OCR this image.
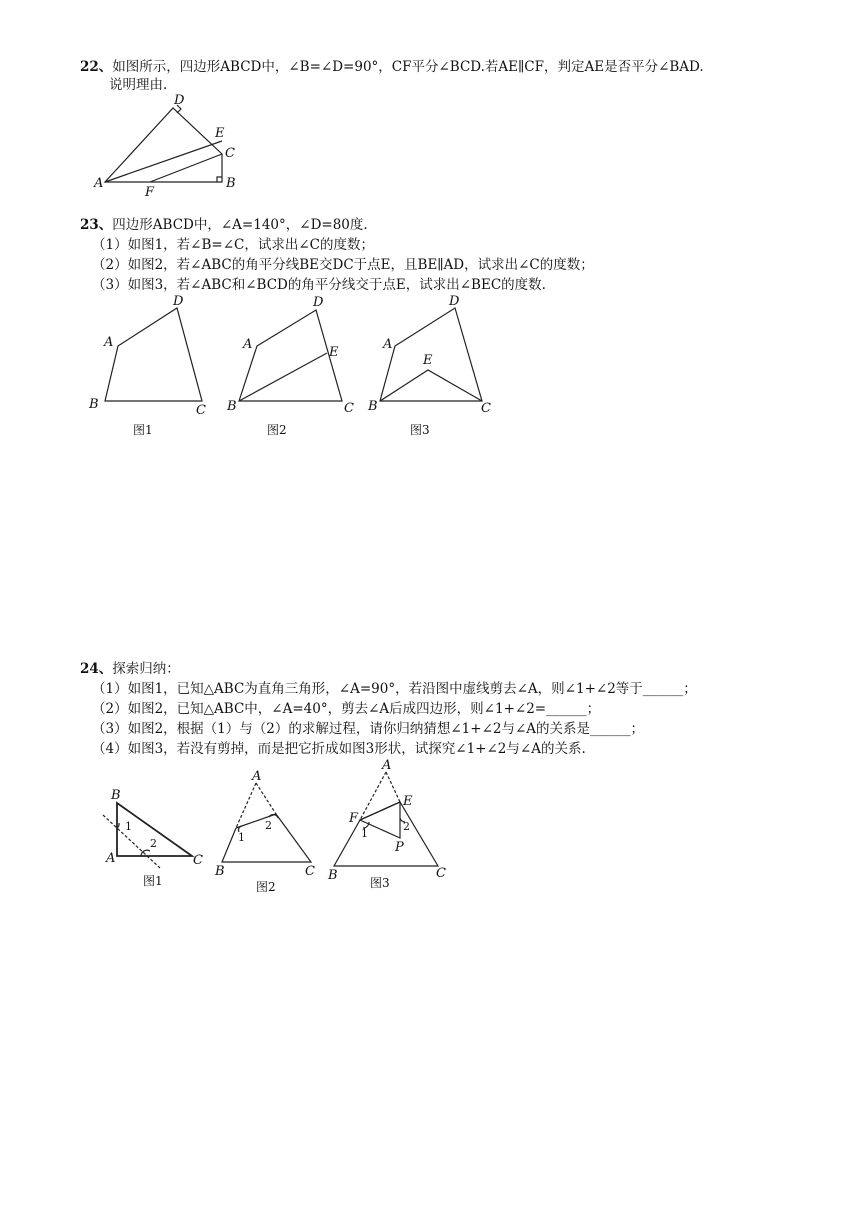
22、如图所示，四边形ABCD中，∠B=∠D=90°，CF平分∠BCD.若AE∥CF，判定AE是否平分∠BAD.
说明理由.
23、四边形ABCD中，∠A=140°，∠D=80度.
（1）如图1，若∠B=∠C，试求出∠C的度数；
（2）如图2，若∠ABC的角平分线BE交DC于点E，且BE∥AD，试求出∠C的度数；
（3）如图3，若∠ABC和∠BCD的角平分线交于点E，试求出∠BEC的度数.
24、探索归纳：
（1）如图1，已知△ABC为直角三角形，∠A=90°，若沿图中虚线剪去∠A，则∠1+∠2等于______；
（2）如图2，已知△ABC中，∠A=40°，剪去∠A后成四边形，则∠1+∠2=______；
（3）如图2，根据（1）与（2）的求解过程，请你归纳猜想∠1+∠2与∠A的关系是______；
（4）如图3，若没有剪掉，而是把它折成如图3形状，试探究∠1+∠2与∠A的关系.
A	B
C
D
E
F
A
B	C
D
图1
A
B	C
D
E
图2
A
B	C
D
E
图3
B
A	C
1
2
图1
A
B	C
1
2
图2
A
B	C
E
F
P
1
2
图3
